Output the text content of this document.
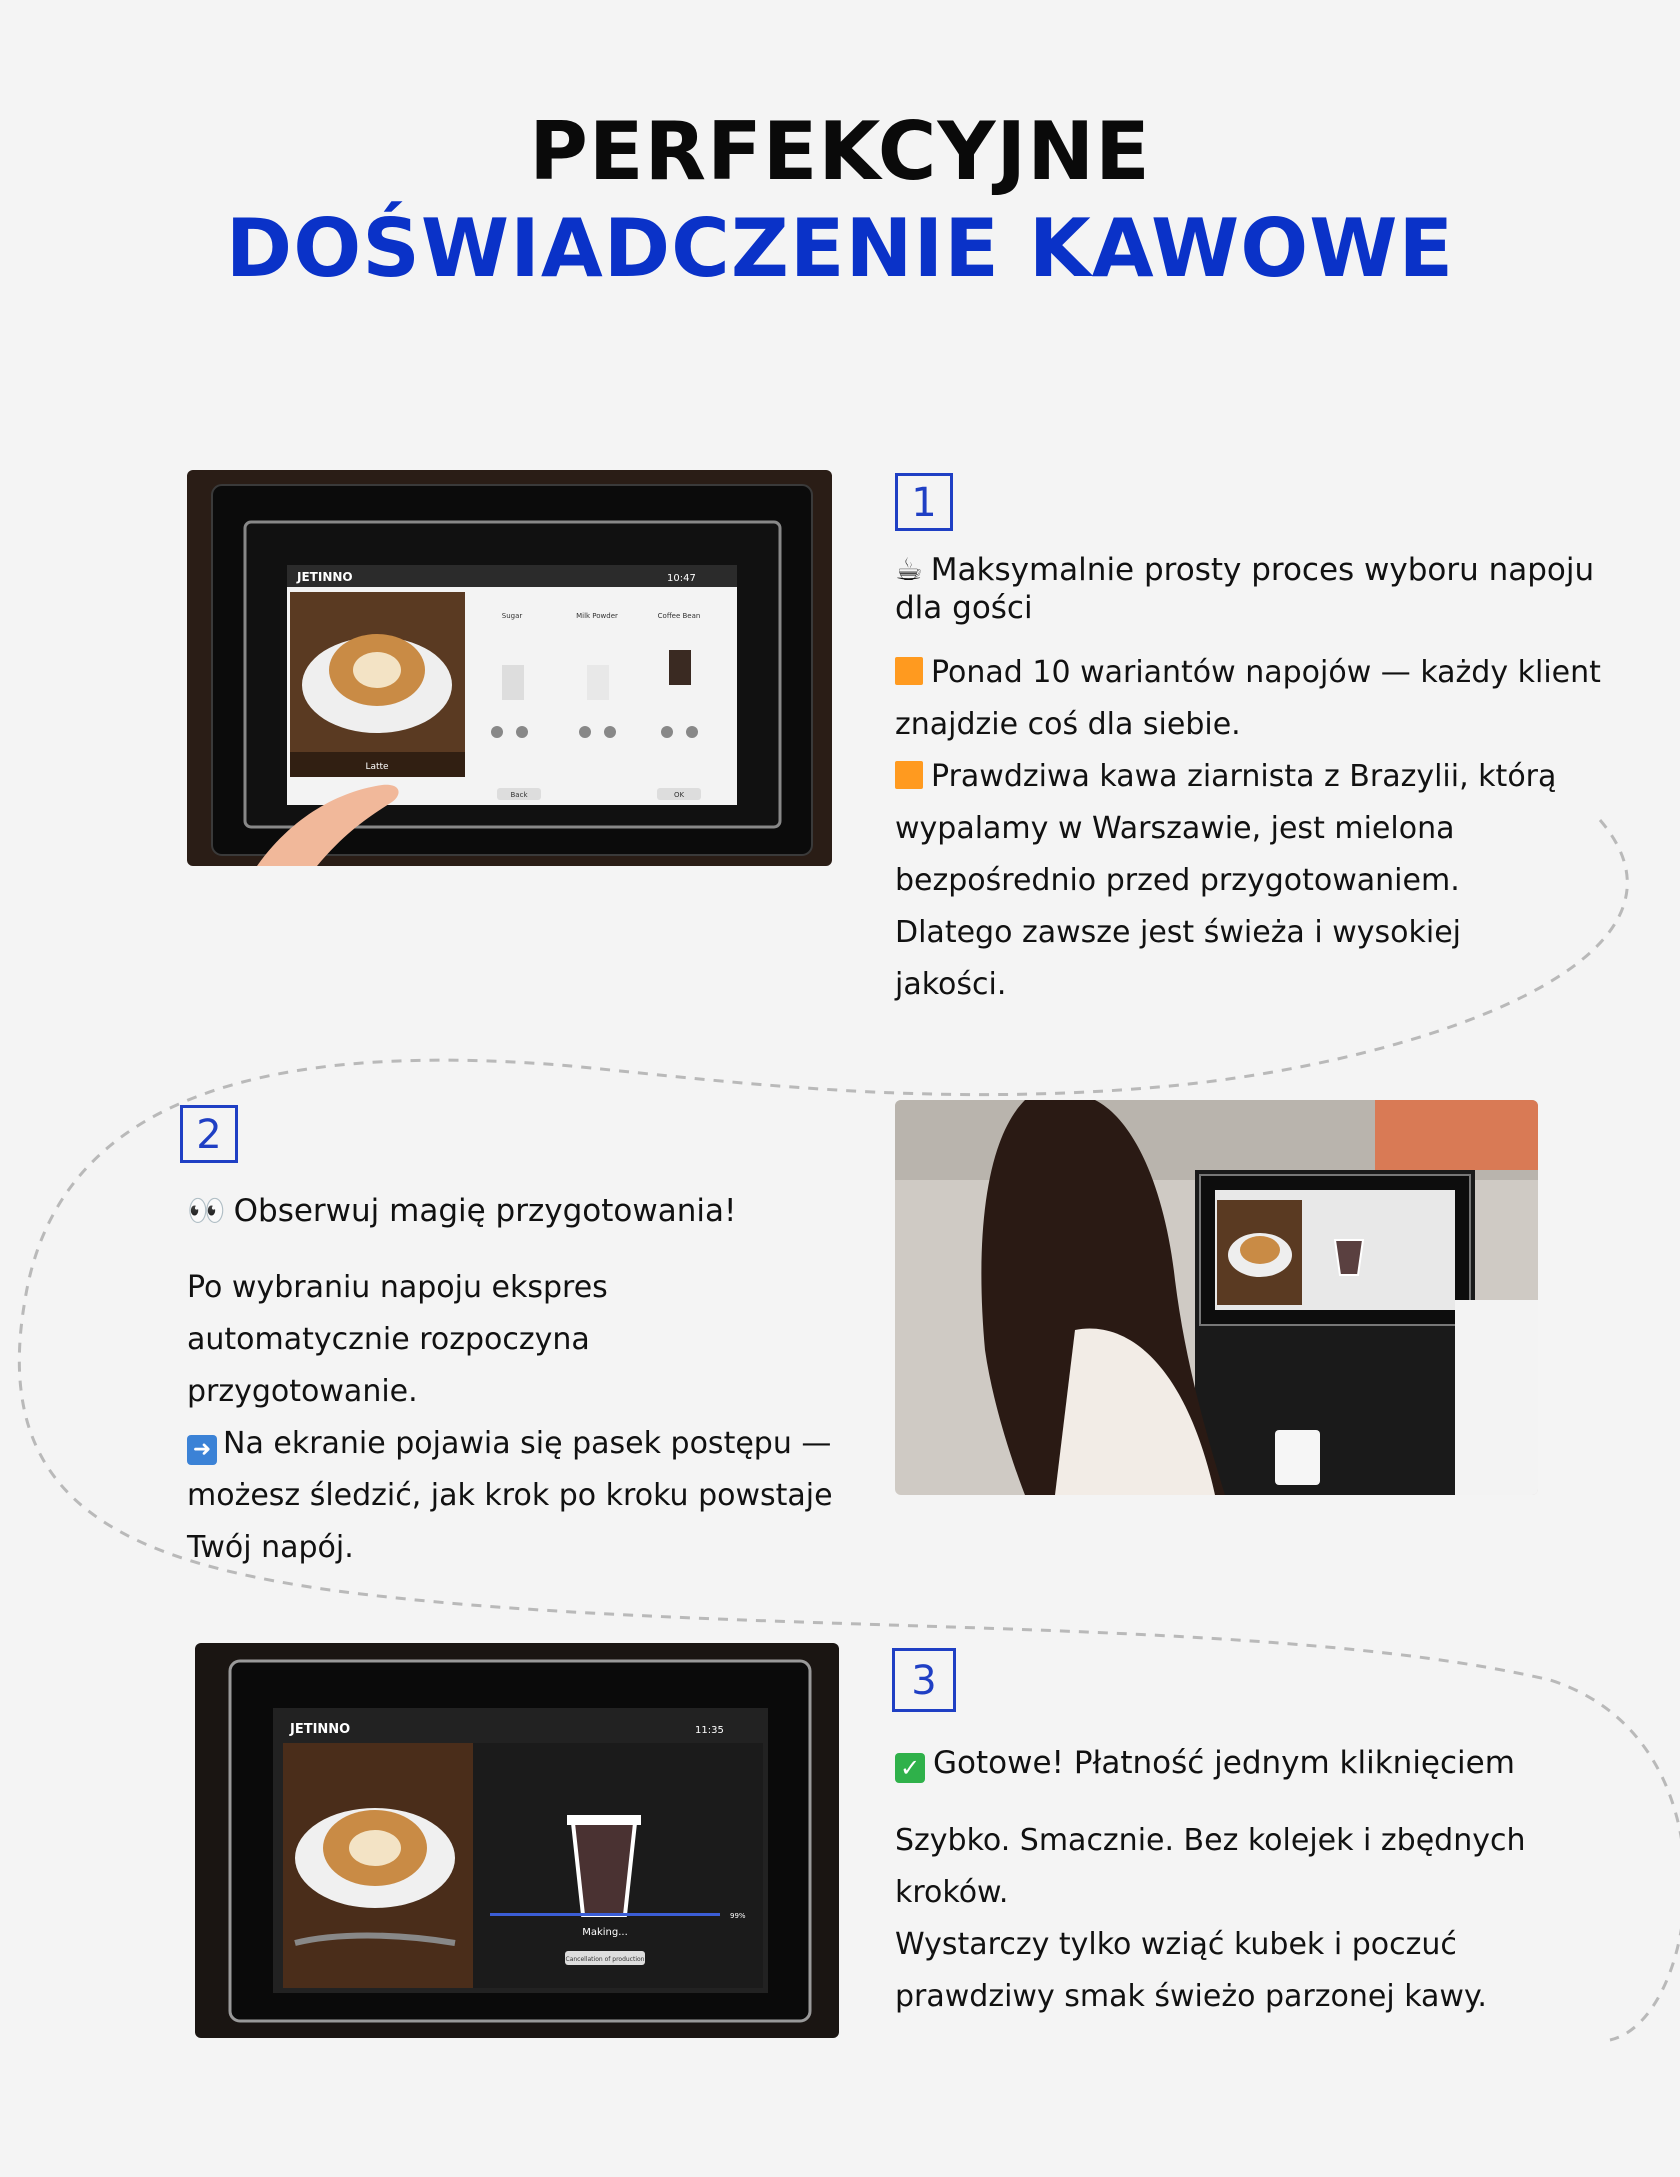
PERFEKCYJNE
DOŚWIADCZENIE KAWOWE
JETINNO	10:47
Latte
Sugar	Milk Powder	Coffee Bean
Back	OK
1

☕ Maksymalnie prosty proces wyboru napoju dla gości

Ponad 10 wariantów napojów — każdy klient znajdzie coś dla siebie.

Prawdziwa kawa ziarnista z Brazylii, którą wypalamy w Warszawie, jest mielona bezpośrednio przed przygotowaniem.

Dlatego zawsze jest świeża i wysokiej jakości.

2

👀 Obserwuj magię przygotowania!

Po wybraniu napoju ekspres automatycznie rozpoczyna przygotowanie.

➜ Na ekranie pojawia się pasek postępu — możesz śledzić, jak krok po kroku powstaje Twój napój.

JETINNO	11:35
99%
Making...
Cancellation of production
3

✓ Gotowe! Płatność jednym kliknięciem

Szybko. Smacznie. Bez kolejek i zbędnych kroków.

Wystarczy tylko wziąć kubek i poczuć prawdziwy smak świeżo parzonej kawy.
